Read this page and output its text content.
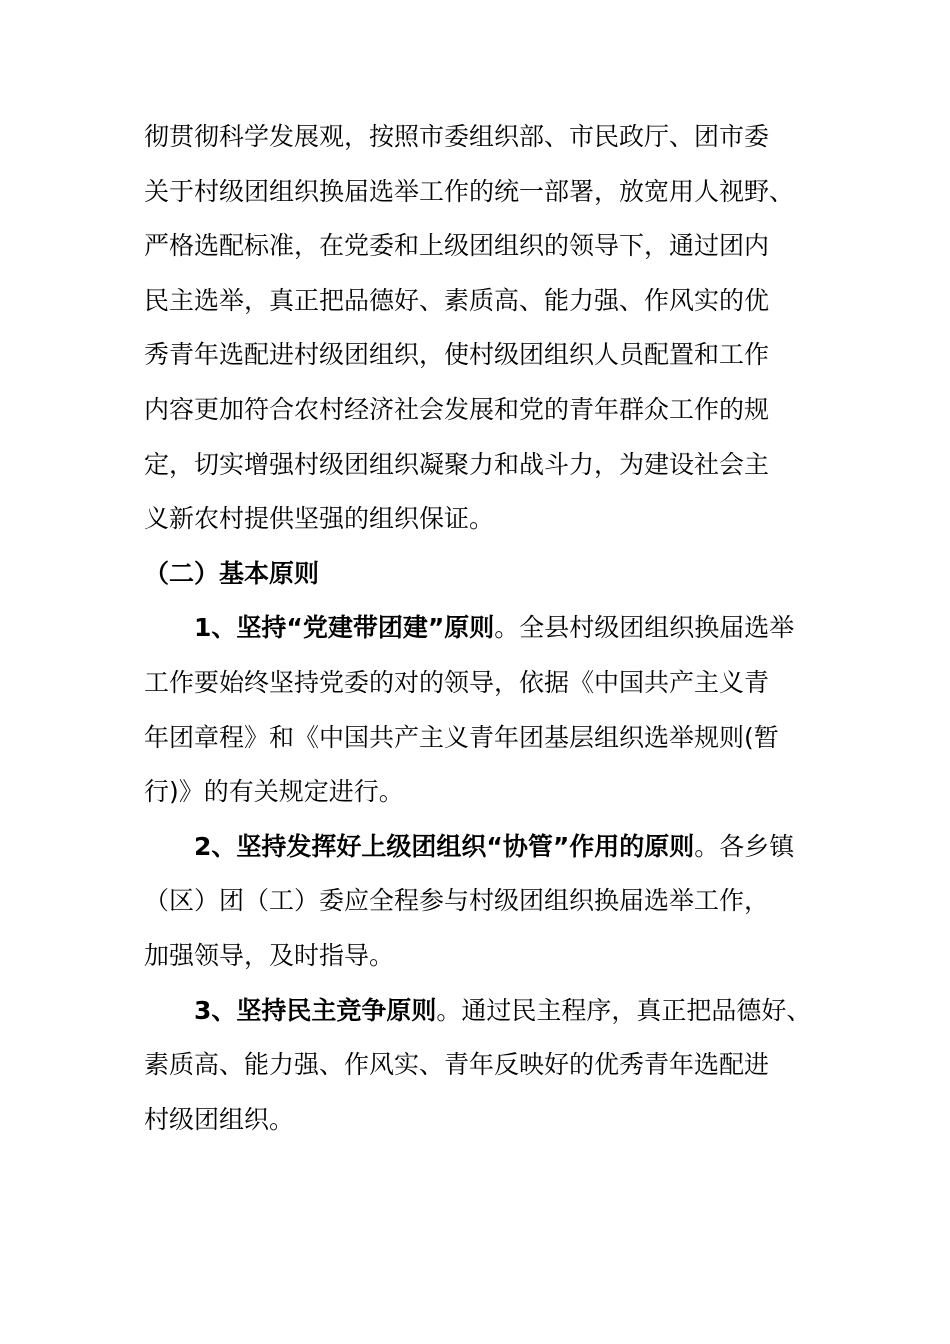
彻贯彻科学发展观，按照市委组织部、市民政厅、团市委
关于村级团组织换届选举工作的统一部署，放宽用人视野、
严格选配标准，在党委和上级团组织的领导下，通过团内
民主选举，真正把品德好、素质高、能力强、作风实的优
秀青年选配进村级团组织，使村级团组织人员配置和工作
内容更加符合农村经济社会发展和党的青年群众工作的规
定，切实增强村级团组织凝聚力和战斗力，为建设社会主
义新农村提供坚强的组织保证。

（二）基本原则

1、坚持“党建带团建”原则。全县村级团组织换届选举
工作要始终坚持党委的对的领导，依据《中国共产主义青
年团章程》和《中国共产主义青年团基层组织选举规则(暂
行)》的有关规定进行。

2、坚持发挥好上级团组织“协管”作用的原则。各乡镇
（区）团（工）委应全程参与村级团组织换届选举工作，
加强领导，及时指导。

3、坚持民主竞争原则。通过民主程序，真正把品德好、
素质高、能力强、作风实、青年反映好的优秀青年选配进
村级团组织。
